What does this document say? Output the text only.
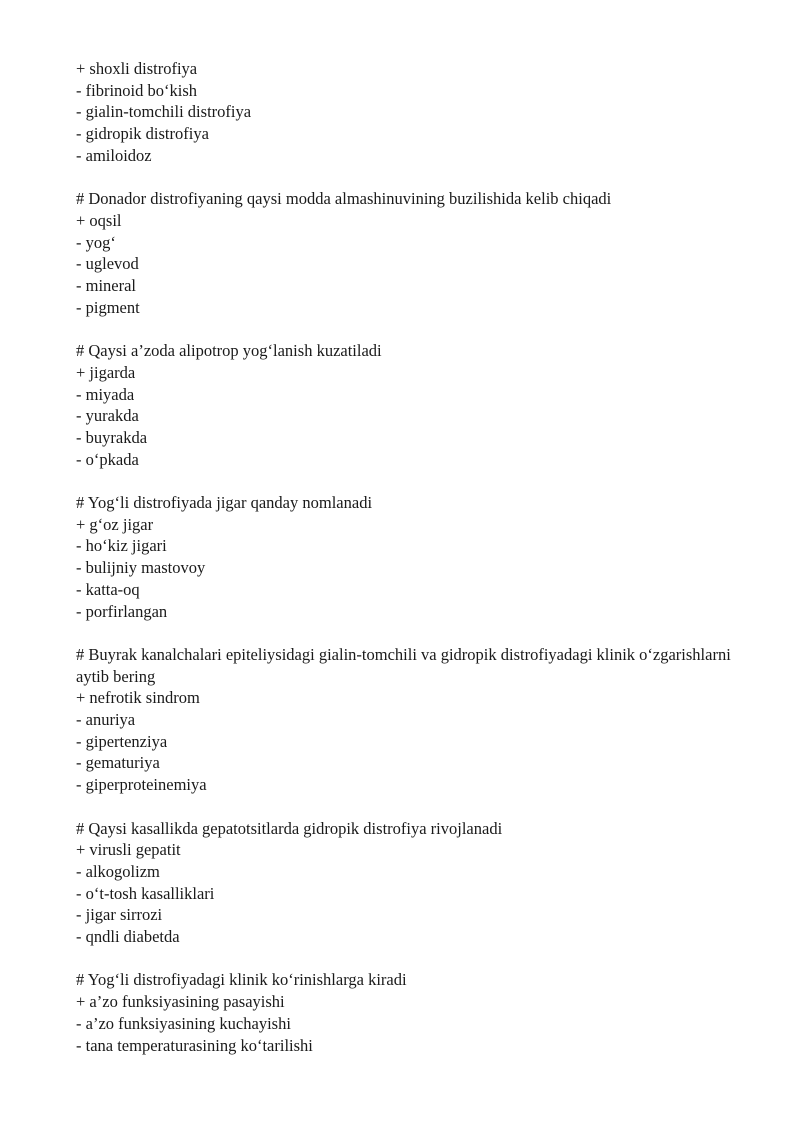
+ shoxli distrofiya
- fibrinoid bo‘kish
- gialin-tomchili distrofiya
- gidropik distrofiya
- amiloidoz
# Donador distrofiyaning qaysi modda almashinuvining buzilishida kelib chiqadi
+ oqsil
- yog‘
- uglevod
- mineral
- pigment
# Qaysi a’zoda alipotrop yog‘lanish kuzatiladi
+ jigarda
- miyada
- yurakda
- buyrakda
- o‘pkada
# Yog‘li distrofiyada jigar qanday nomlanadi
+ g‘oz jigar
- ho‘kiz jigari
- bulijniy mastovoy
- katta-oq
- porfirlangan
# Buyrak kanalchalari epiteliysidagi gialin-tomchili va gidropik distrofiyadagi klinik o‘zgarishlarni aytib bering
+ nefrotik sindrom
- anuriya
- gipertenziya
- gematuriya
- giperproteinemiya
# Qaysi kasallikda gepatotsitlarda gidropik distrofiya rivojlanadi
+ virusli gepatit
- alkogolizm
- o‘t-tosh kasalliklari
- jigar sirrozi
- qndli diabetda
# Yog‘li distrofiyadagi klinik ko‘rinishlarga kiradi
+ a’zo funksiyasining pasayishi
- a’zo funksiyasining kuchayishi
- tana temperaturasining ko‘tarilishi
